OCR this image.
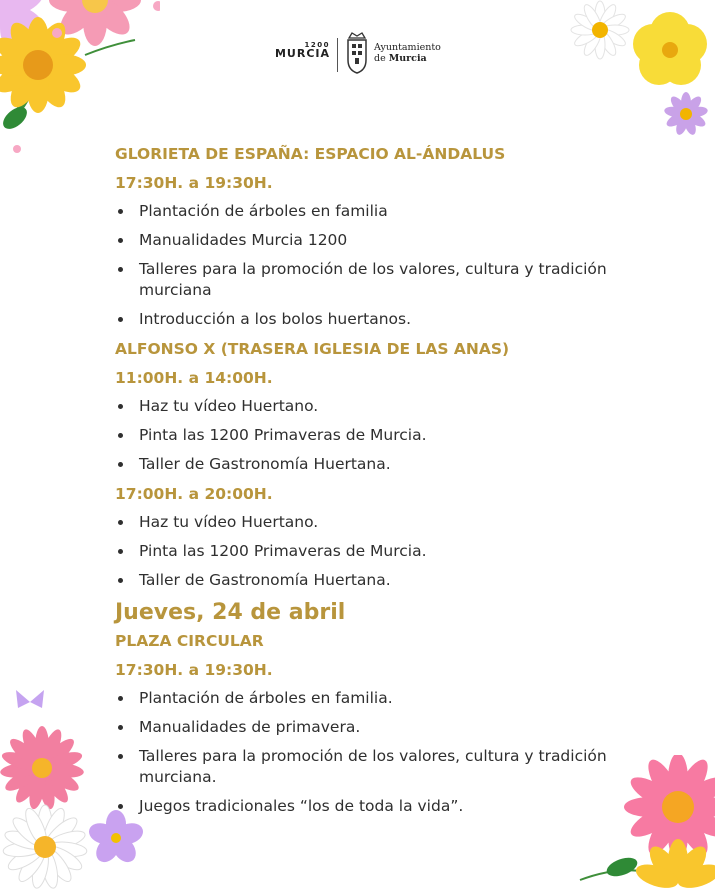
1200
MURCIA	Ayuntamiento
de Murcia

GLORIETA DE ESPAÑA: ESPACIO AL-ÁNDALUS

17:30H. a 19:30H.

Plantación de árboles en familia
Manualidades Murcia 1200
Talleres para la promoción de los valores, cultura y tradición murciana
Introducción a los bolos huertanos.

ALFONSO X (TRASERA IGLESIA DE LAS ANAS)

11:00H. a 14:00H.

Haz tu vídeo Huertano.
Pinta las 1200 Primaveras de Murcia.
Taller de Gastronomía Huertana.

17:00H. a 20:00H.

Haz tu vídeo Huertano.
Pinta las 1200 Primaveras de Murcia.
Taller de Gastronomía Huertana.

Jueves, 24 de abril

PLAZA CIRCULAR

17:30H. a 19:30H.

Plantación de árboles en familia.
Manualidades de primavera.
Talleres para la promoción de los valores, cultura y tradición murciana.
Juegos tradicionales “los de toda la vida”.
